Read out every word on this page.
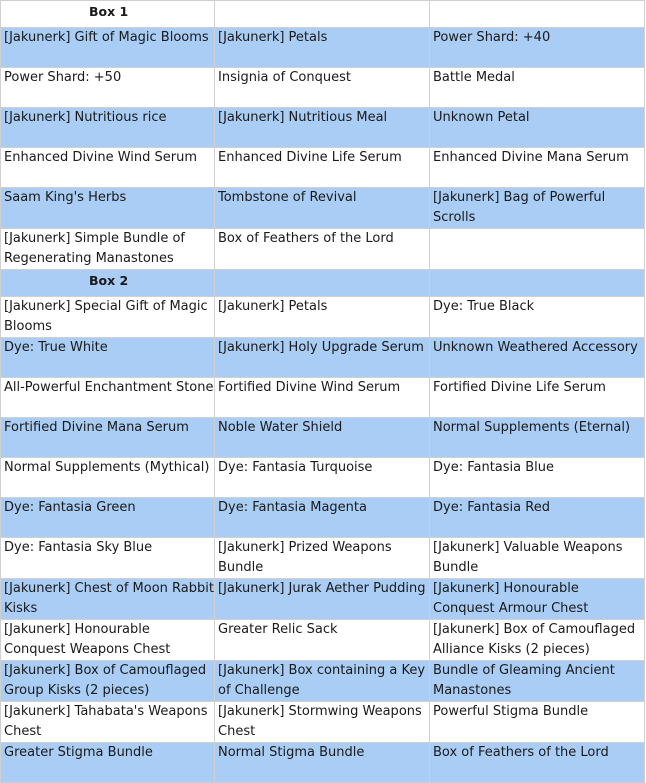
Box 1		
[Jakunerk] Gift of Magic Blooms	[Jakunerk] Petals	Power Shard: +40
Power Shard: +50	Insignia of Conquest	Battle Medal
[Jakunerk] Nutritious rice	[Jakunerk] Nutritious Meal	Unknown Petal
Enhanced Divine Wind Serum	Enhanced Divine Life Serum	Enhanced Divine Mana Serum
Saam King's Herbs	Tombstone of Revival	[Jakunerk] Bag of Powerful Scrolls
[Jakunerk] Simple Bundle of Regenerating Manastones	Box of Feathers of the Lord	
Box 2		
[Jakunerk] Special Gift of Magic Blooms	[Jakunerk] Petals	Dye: True Black
Dye: True White	[Jakunerk] Holy Upgrade Serum	Unknown Weathered Accessory
All-Powerful Enchantment Stone	Fortified Divine Wind Serum	Fortified Divine Life Serum
Fortified Divine Mana Serum	Noble Water Shield	Normal Supplements (Eternal)
Normal Supplements (Mythical)	Dye: Fantasia Turquoise	Dye: Fantasia Blue
Dye: Fantasia Green	Dye: Fantasia Magenta	Dye: Fantasia Red
Dye: Fantasia Sky Blue	[Jakunerk] Prized Weapons Bundle	[Jakunerk] Valuable Weapons Bundle
[Jakunerk] Chest of Moon Rabbit Kisks	[Jakunerk] Jurak Aether Pudding	[Jakunerk] Honourable Conquest Armour Chest
[Jakunerk] Honourable Conquest Weapons Chest	Greater Relic Sack	[Jakunerk] Box of Camouflaged Alliance Kisks (2 pieces)
[Jakunerk] Box of Camouflaged Group Kisks (2 pieces)	[Jakunerk] Box containing a Key of Challenge	Bundle of Gleaming Ancient Manastones
[Jakunerk] Tahabata's Weapons Chest	[Jakunerk] Stormwing Weapons Chest	Powerful Stigma Bundle
Greater Stigma Bundle	Normal Stigma Bundle	Box of Feathers of the Lord
